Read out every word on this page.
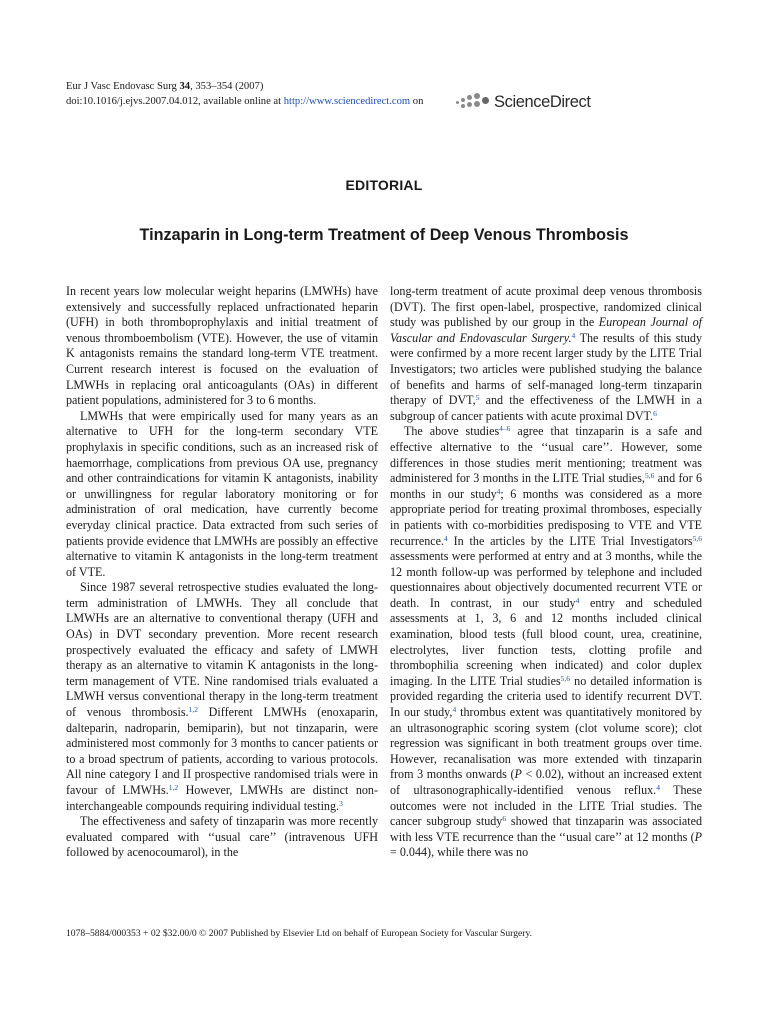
Eur J Vasc Endovasc Surg 34, 353–354 (2007)
doi:10.1016/j.ejvs.2007.04.012, available online at http://www.sciencedirect.com on	ScienceDirect
EDITORIAL
Tinzaparin in Long-term Treatment of Deep Venous Thrombosis

In recent years low molecular weight heparins (LMWHs) have extensively and successfully replaced unfractionated heparin (UFH) in both thromboprophylaxis and initial treatment of venous thromboembolism (VTE). However, the use of vitamin K antagonists remains the standard long-term VTE treatment. Current research interest is focused on the evaluation of LMWHs in replacing oral anticoagulants (OAs) in different patient populations, administered for 3 to 6 months.

LMWHs that were empirically used for many years as an alternative to UFH for the long-term secondary VTE prophylaxis in specific conditions, such as an increased risk of haemorrhage, complications from previous OA use, pregnancy and other contraindications for vitamin K antagonists, inability or unwillingness for regular laboratory monitoring or for administration of oral medication, have currently become everyday clinical practice. Data extracted from such series of patients provide evidence that LMWHs are possibly an effective alternative to vitamin K antagonists in the long-term treatment of VTE.

Since 1987 several retrospective studies evaluated the long-term administration of LMWHs. They all conclude that LMWHs are an alternative to conventional therapy (UFH and OAs) in DVT secondary prevention. More recent research prospectively evaluated the efficacy and safety of LMWH therapy as an alternative to vitamin K antagonists in the long-term management of VTE. Nine randomised trials evaluated a LMWH versus conventional therapy in the long-term treatment of venous thrombosis.$^{1,2}$ Different LMWHs (enoxaparin, dalteparin, nadroparin, bemiparin), but not tinzaparin, were administered most commonly for 3 months to cancer patients or to a broad spectrum of patients, according to various protocols. All nine category I and II prospective randomised trials were in favour of LMWHs.$^{1,2}$ However, LMWHs are distinct non-interchangeable compounds requiring individual testing.$^3$

The effectiveness and safety of tinzaparin was more recently evaluated compared with ‘‘usual care’’ (intravenous UFH followed by acenocoumarol), in the

long-term treatment of acute proximal deep venous thrombosis (DVT). The first open-label, prospective, randomized clinical study was published by our group in the European Journal of Vascular and Endovascular Surgery.$^4$ The results of this study were confirmed by a more recent larger study by the LITE Trial Investigators; two articles were published studying the balance of benefits and harms of self-managed long-term tinzaparin therapy of DVT,$^5$ and the effectiveness of the LMWH in a subgroup of cancer patients with acute proximal DVT.$^6$

The above studies$^{4-6}$ agree that tinzaparin is a safe and effective alternative to the ‘‘usual care’’. However, some differences in those studies merit mentioning; treatment was administered for 3 months in the LITE Trial studies,$^{5,6}$ and for 6 months in our study$^4$; 6 months was considered as a more appropriate period for treating proximal thromboses, especially in patients with co-morbidities predisposing to VTE and VTE recurrence.$^4$ In the articles by the LITE Trial Investigators$^{5,6}$ assessments were performed at entry and at 3 months, while the 12 month follow-up was performed by telephone and included questionnaires about objectively documented recurrent VTE or death. In contrast, in our study$^4$ entry and scheduled assessments at 1, 3, 6 and 12 months included clinical examination, blood tests (full blood count, urea, creatinine, electrolytes, liver function tests, clotting profile and thrombophilia screening when indicated) and color duplex imaging. In the LITE Trial studies$^{5,6}$ no detailed information is provided regarding the criteria used to identify recurrent DVT. In our study,$^4$ thrombus extent was quantitatively monitored by an ultrasonographic scoring system (clot volume score); clot regression was significant in both treatment groups over time. However, recanalisation was more extended with tinzaparin from 3 months onwards (P < 0.02), without an increased extent of ultrasonographically-identified venous reflux.$^4$ These outcomes were not included in the LITE Trial studies. The cancer subgroup study$^6$ showed that tinzaparin was associated with less VTE recurrence than the ‘‘usual care’’ at 12 months (P = 0.044), while there was no

1078–5884/000353 + 02 $32.00/0 © 2007 Published by Elsevier Ltd on behalf of European Society for Vascular Surgery.
